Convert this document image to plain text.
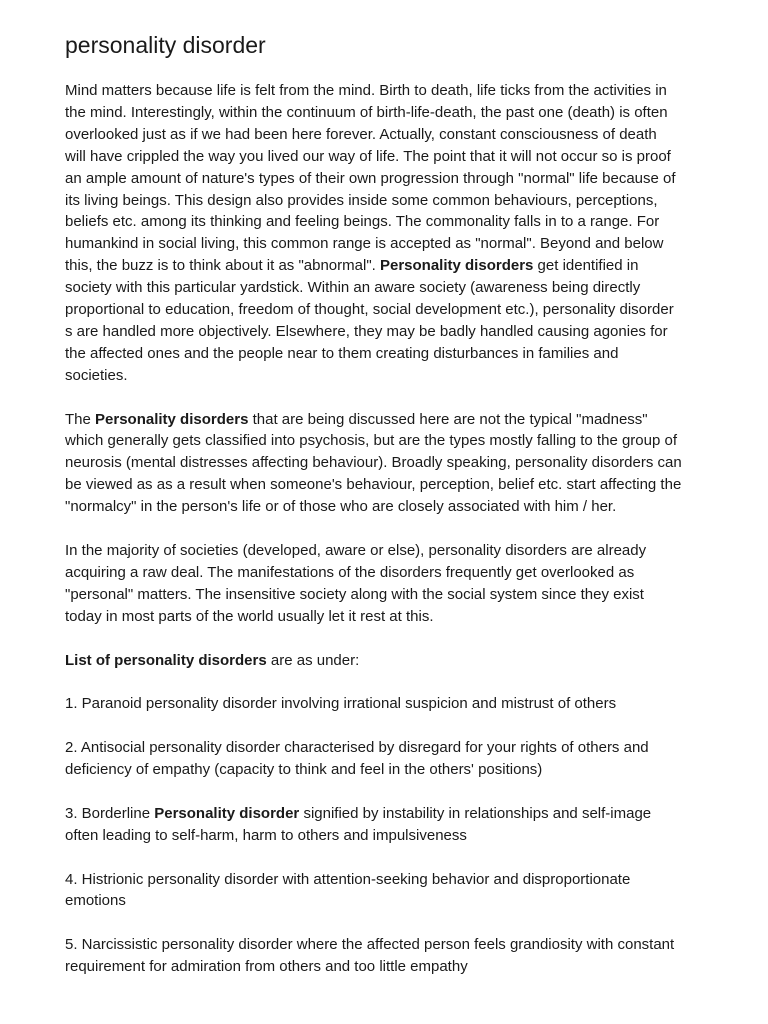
personality disorder

Mind matters because life is felt from the mind. Birth to death, life ticks from the activities in
the mind. Interestingly, within the continuum of birth-life-death, the past one (death) is often
overlooked just as if we had been here forever. Actually, constant consciousness of death
will have crippled the way you lived our way of life. The point that it will not occur so is proof
an ample amount of nature's types of their own progression through "normal" life because of
its living beings. This design also provides inside some common behaviours, perceptions,
beliefs etc. among its thinking and feeling beings. The commonality falls in to a range. For
humankind in social living, this common range is accepted as "normal". Beyond and below
this, the buzz is to think about it as "abnormal". Personality disorders get identified in
society with this particular yardstick. Within an aware society (awareness being directly
proportional to education, freedom of thought, social development etc.), personality disorder
s are handled more objectively. Elsewhere, they may be badly handled causing agonies for
the affected ones and the people near to them creating disturbances in families and
societies.

The Personality disorders that are being discussed here are not the typical "madness"
which generally gets classified into psychosis, but are the types mostly falling to the group of
neurosis (mental distresses affecting behaviour). Broadly speaking, personality disorders can
be viewed as as a result when someone's behaviour, perception, belief etc. start affecting the
"normalcy" in the person's life or of those who are closely associated with him / her.

In the majority of societies (developed, aware or else), personality disorders are already
acquiring a raw deal. The manifestations of the disorders frequently get overlooked as
"personal" matters. The insensitive society along with the social system since they exist
today in most parts of the world usually let it rest at this.

List of personality disorders are as under:

1. Paranoid personality disorder involving irrational suspicion and mistrust of others

2. Antisocial personality disorder characterised by disregard for your rights of others and
deficiency of empathy (capacity to think and feel in the others' positions)

3. Borderline Personality disorder signified by instability in relationships and self-image
often leading to self-harm, harm to others and impulsiveness

4. Histrionic personality disorder with attention-seeking behavior and disproportionate
emotions

5. Narcissistic personality disorder where the affected person feels grandiosity with constant
requirement for admiration from others and too little empathy
